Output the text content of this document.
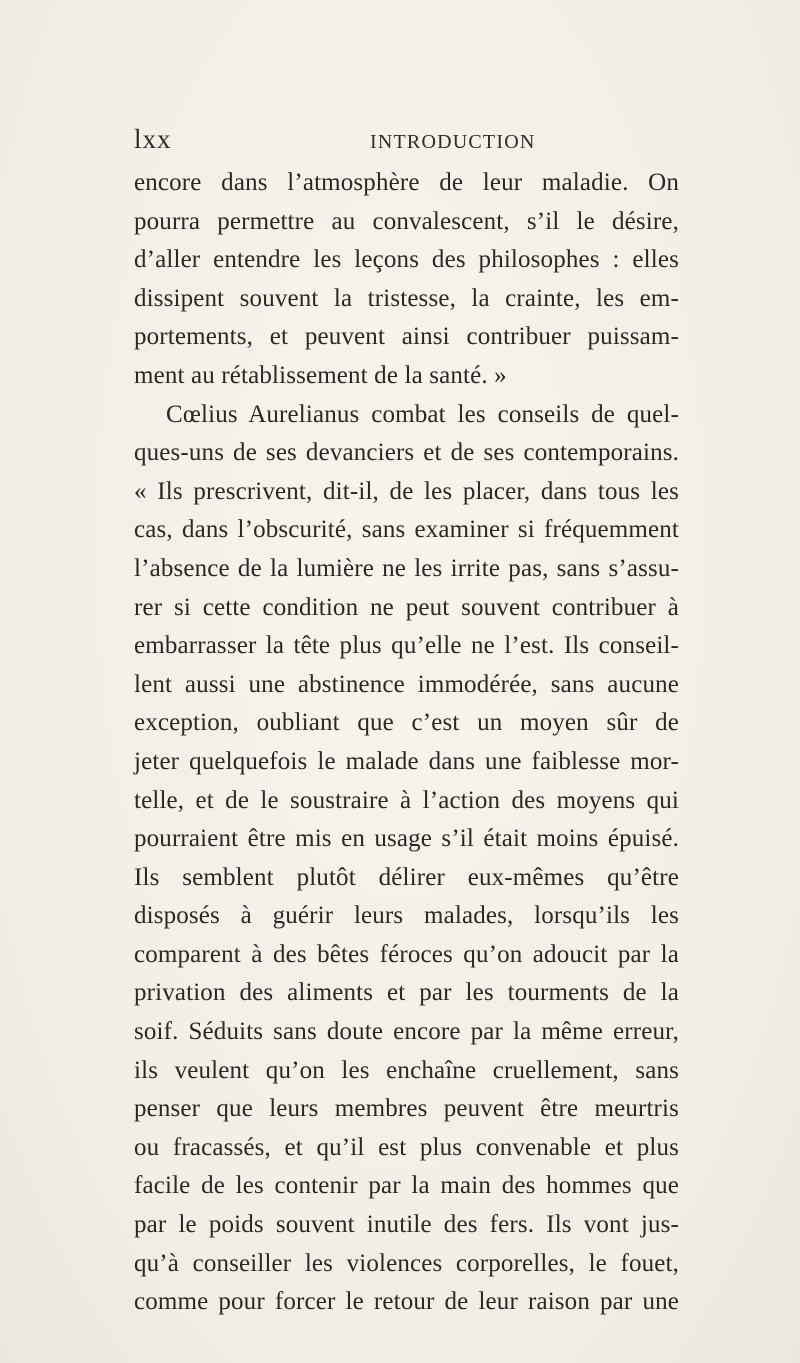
lxx	INTRODUCTION
encore dans l’atmosphère de leur maladie. On
pourra permettre au convalescent, s’il le désire,
d’aller entendre les leçons des philosophes : elles
dissipent souvent la tristesse, la crainte, les em-
portements, et peuvent ainsi contribuer puissam-
ment au rétablissement de la santé. »
Cœlius Aurelianus combat les conseils de quel-
ques-uns de ses devanciers et de ses contemporains.
« Ils prescrivent, dit-il, de les placer, dans tous les
cas, dans l’obscurité, sans examiner si fréquemment
l’absence de la lumière ne les irrite pas, sans s’assu-
rer si cette condition ne peut souvent contribuer à
embarrasser la tête plus qu’elle ne l’est. Ils conseil-
lent aussi une abstinence immodérée, sans aucune
exception, oubliant que c’est un moyen sûr de
jeter quelquefois le malade dans une faiblesse mor-
telle, et de le soustraire à l’action des moyens qui
pourraient être mis en usage s’il était moins épuisé.
Ils semblent plutôt délirer eux-mêmes qu’être
disposés à guérir leurs malades, lorsqu’ils les
comparent à des bêtes féroces qu’on adoucit par la
privation des aliments et par les tourments de la
soif. Séduits sans doute encore par la même erreur,
ils veulent qu’on les enchaîne cruellement, sans
penser que leurs membres peuvent être meurtris
ou fracassés, et qu’il est plus convenable et plus
facile de les contenir par la main des hommes que
par le poids souvent inutile des fers. Ils vont jus-
qu’à conseiller les violences corporelles, le fouet,
comme pour forcer le retour de leur raison par une
